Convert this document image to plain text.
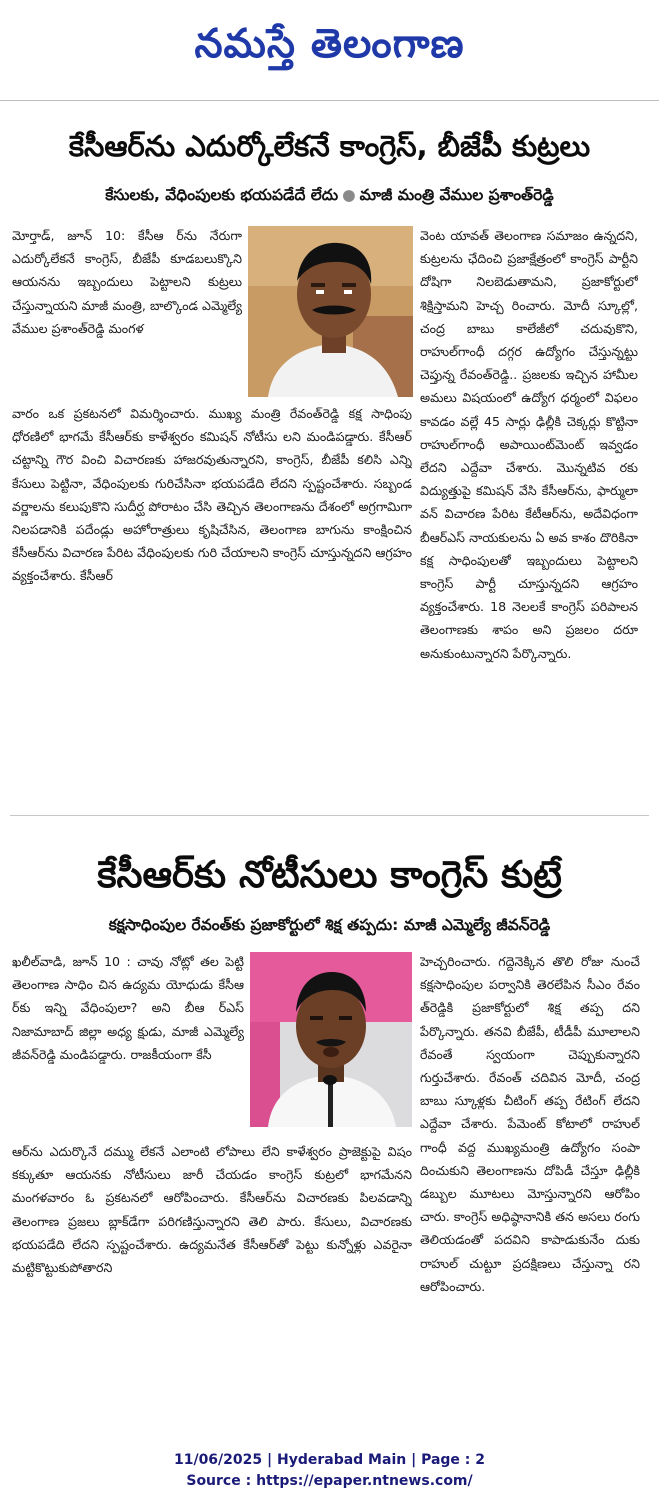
నమస్తే తెలంగాణ
కేసీఆర్‌ను ఎదుర్కోలేకనే కాంగ్రెస్, బీజేపీ కుట్రలు
కేసులకు, వేధింపులకు భయపడేదే లేదు ● మాజీ మంత్రి వేముల ప్రశాంత్‌రెడ్డి
మోర్తాడ్, జూన్ 10: కేసీఆ ర్‌ను నేరుగా ఎదుర్కోలేకనే కాంగ్రెస్, బీజేపీ కూడబలుక్కొని ఆయనను ఇబ్బందులు పెట్టాలని కుట్రలు చేస్తున్నాయని మాజీ మంత్రి, బాల్కొండ ఎమ్మెల్యే వేముల ప్రశాంత్‌రెడ్డి మంగళ
వారం ఒక ప్రకటనలో విమర్శించారు. ముఖ్య మంత్రి రేవంత్‌రెడ్డి కక్ష సాధింపు ధోరణిలో భాగమే కేసీఆర్‌కు కాళేశ్వరం కమిషన్ నోటీసు లని మండిపడ్డారు. కేసీఆర్ చట్టాన్ని గౌర వించి విచారణకు హాజరవుతున్నారని, కాంగ్రెస్, బీజేపీ కలిసి ఎన్ని కేసులు పెట్టినా, వేధింపులకు గురిచేసినా భయపడేది లేదని స్పష్టంచేశారు. సబ్బండ వర్ణాలను కలుపుకొని సుదీర్ఘ పోరాటం చేసి తెచ్చిన తెలంగాణను దేశంలో అగ్రగామిగా నిలపడానికి పదేండ్లు అహోరాత్రులు కృషిచేసిన, తెలంగాణ బాగును కాంక్షించిన కేసీఆర్‌ను విచారణ పేరిట వేధింపులకు గురి చేయాలని కాంగ్రెస్ చూస్తున్నదని ఆగ్రహం వ్యక్తంచేశారు. కేసీఆర్
వెంట యావత్ తెలంగాణ సమాజం ఉన్నదని, కుట్రలను ఛేదించి ప్రజాక్షేత్రంలో కాంగ్రెస్ పార్టీని దోషిగా నిలబెడుతామని, ప్రజాకోర్టులో శిక్షిస్తామని హెచ్చ రించారు. మోదీ స్కూల్లో, చంద్ర బాబు కాలేజీలో చదువుకొని, రాహుల్‌గాంధీ దగ్గర ఉద్యోగం చేస్తున్నట్టు చెప్తున్న రేవంత్‌రెడ్డి.. ప్రజలకు ఇచ్చిన హామీల అమలు విషయంలో ఉద్యోగ ధర్మంలో విఫలం కావడం వల్లే 45 సార్లు ఢిల్లీకి చెక్కర్లు కొట్టినా రాహుల్‌గాంధీ అపాయింట్‌మెంట్ ఇవ్వడం లేదని ఎద్దేవా చేశారు. మొన్నటివ రకు విద్యుత్తుపై కమిషన్ వేసి కేసీఆర్‌ను, ఫార్ములా వన్ విచారణ పేరిట కేటీఆర్‌ను, అదేవిధంగా బీఆర్‌ఎస్ నాయకులను ఏ అవ కాశం దొరికినా కక్ష సాధింపులతో ఇబ్బందులు పెట్టాలని కాంగ్రెస్ పార్టీ చూస్తున్నదని ఆగ్రహం వ్యక్తంచేశారు. 18 నెలలకే కాంగ్రెస్ పరిపాలన తెలంగాణకు శాపం అని ప్రజలం దరూ అనుకుంటున్నారని పేర్కొన్నారు.
కేసీఆర్‌కు నోటీసులు కాంగ్రెస్ కుట్రే
కక్షసాధింపుల రేవంత్‌కు ప్రజాకోర్టులో శిక్ష తప్పదు: మాజీ ఎమ్మెల్యే జీవన్‌రెడ్డి
ఖలీల్‌వాడి, జూన్ 10 : చావు నోట్లో తల పెట్టి తెలంగాణ సాధిం చిన ఉద్యమ యోధుడు కేసీఆ ర్‌కు ఇన్ని వేధింపులా? అని బీఆ ర్‌ఎస్ నిజామాబాద్ జిల్లా అధ్య క్షుడు, మాజీ ఎమ్మెల్యే జీవన్‌రెడ్డి మండిపడ్డారు. రాజకీయంగా కేసీ
ఆర్‌ను ఎదుర్కొనే దమ్ము లేకనే ఎలాంటి లోపాలు లేని కాళేశ్వరం ప్రాజెక్టుపై విషం కక్కుతూ ఆయనకు నోటీసులు జారీ చేయడం కాంగ్రెస్ కుట్రలో భాగమేనని మంగళవారం ఓ ప్రకటనలో ఆరోపించారు. కేసీఆర్‌ను విచారణకు పిలవడాన్ని తెలంగాణ ప్రజలు బ్లాక్‌డేగా పరిగణిస్తున్నారని తెలి పారు. కేసులు, విచారణకు భయపడేది లేదని స్పష్టంచేశారు. ఉద్యమనేత కేసీఆర్‌తో పెట్టు కున్నోళ్లు ఎవరైనా మట్టికొట్టుకుపోతారని
హెచ్చరించారు. గద్దెనెక్కిన తొలి రోజు నుంచే కక్షసాధింపుల పర్వానికి తెరలేపిన సీఎం రేవం త్‌రెడ్డికి ప్రజాకోర్టులో శిక్ష తప్ప దని పేర్కొన్నారు. తనవి బీజేపీ, టీడీపీ మూలాలని రేవంతే స్వయంగా చెప్పుకున్నారని గుర్తుచేశారు. రేవంత్ చదివిన మోదీ, చంద్ర బాబు స్కూళ్లకు చీటింగ్ తప్ప రేటింగ్ లేదని ఎద్దేవా చేశారు. పేమెంట్ కోటాలో రాహుల్ గాంధీ వద్ద ముఖ్యమంత్రి ఉద్యోగం సంపా దించుకుని తెలంగాణను దోపిడీ చేస్తూ ఢిల్లీకి డబ్బుల మూటలు మోస్తున్నారని ఆరోపిం చారు. కాంగ్రెస్ అధిష్ఠానానికి తన అసలు రంగు తెలియడంతో పదవిని కాపాడుకునేం దుకు రాహుల్ చుట్టూ ప్రదక్షిణలు చేస్తున్నా రని ఆరోపించారు.
11/06/2025 | Hyderabad Main | Page : 2
Source : https://epaper.ntnews.com/
